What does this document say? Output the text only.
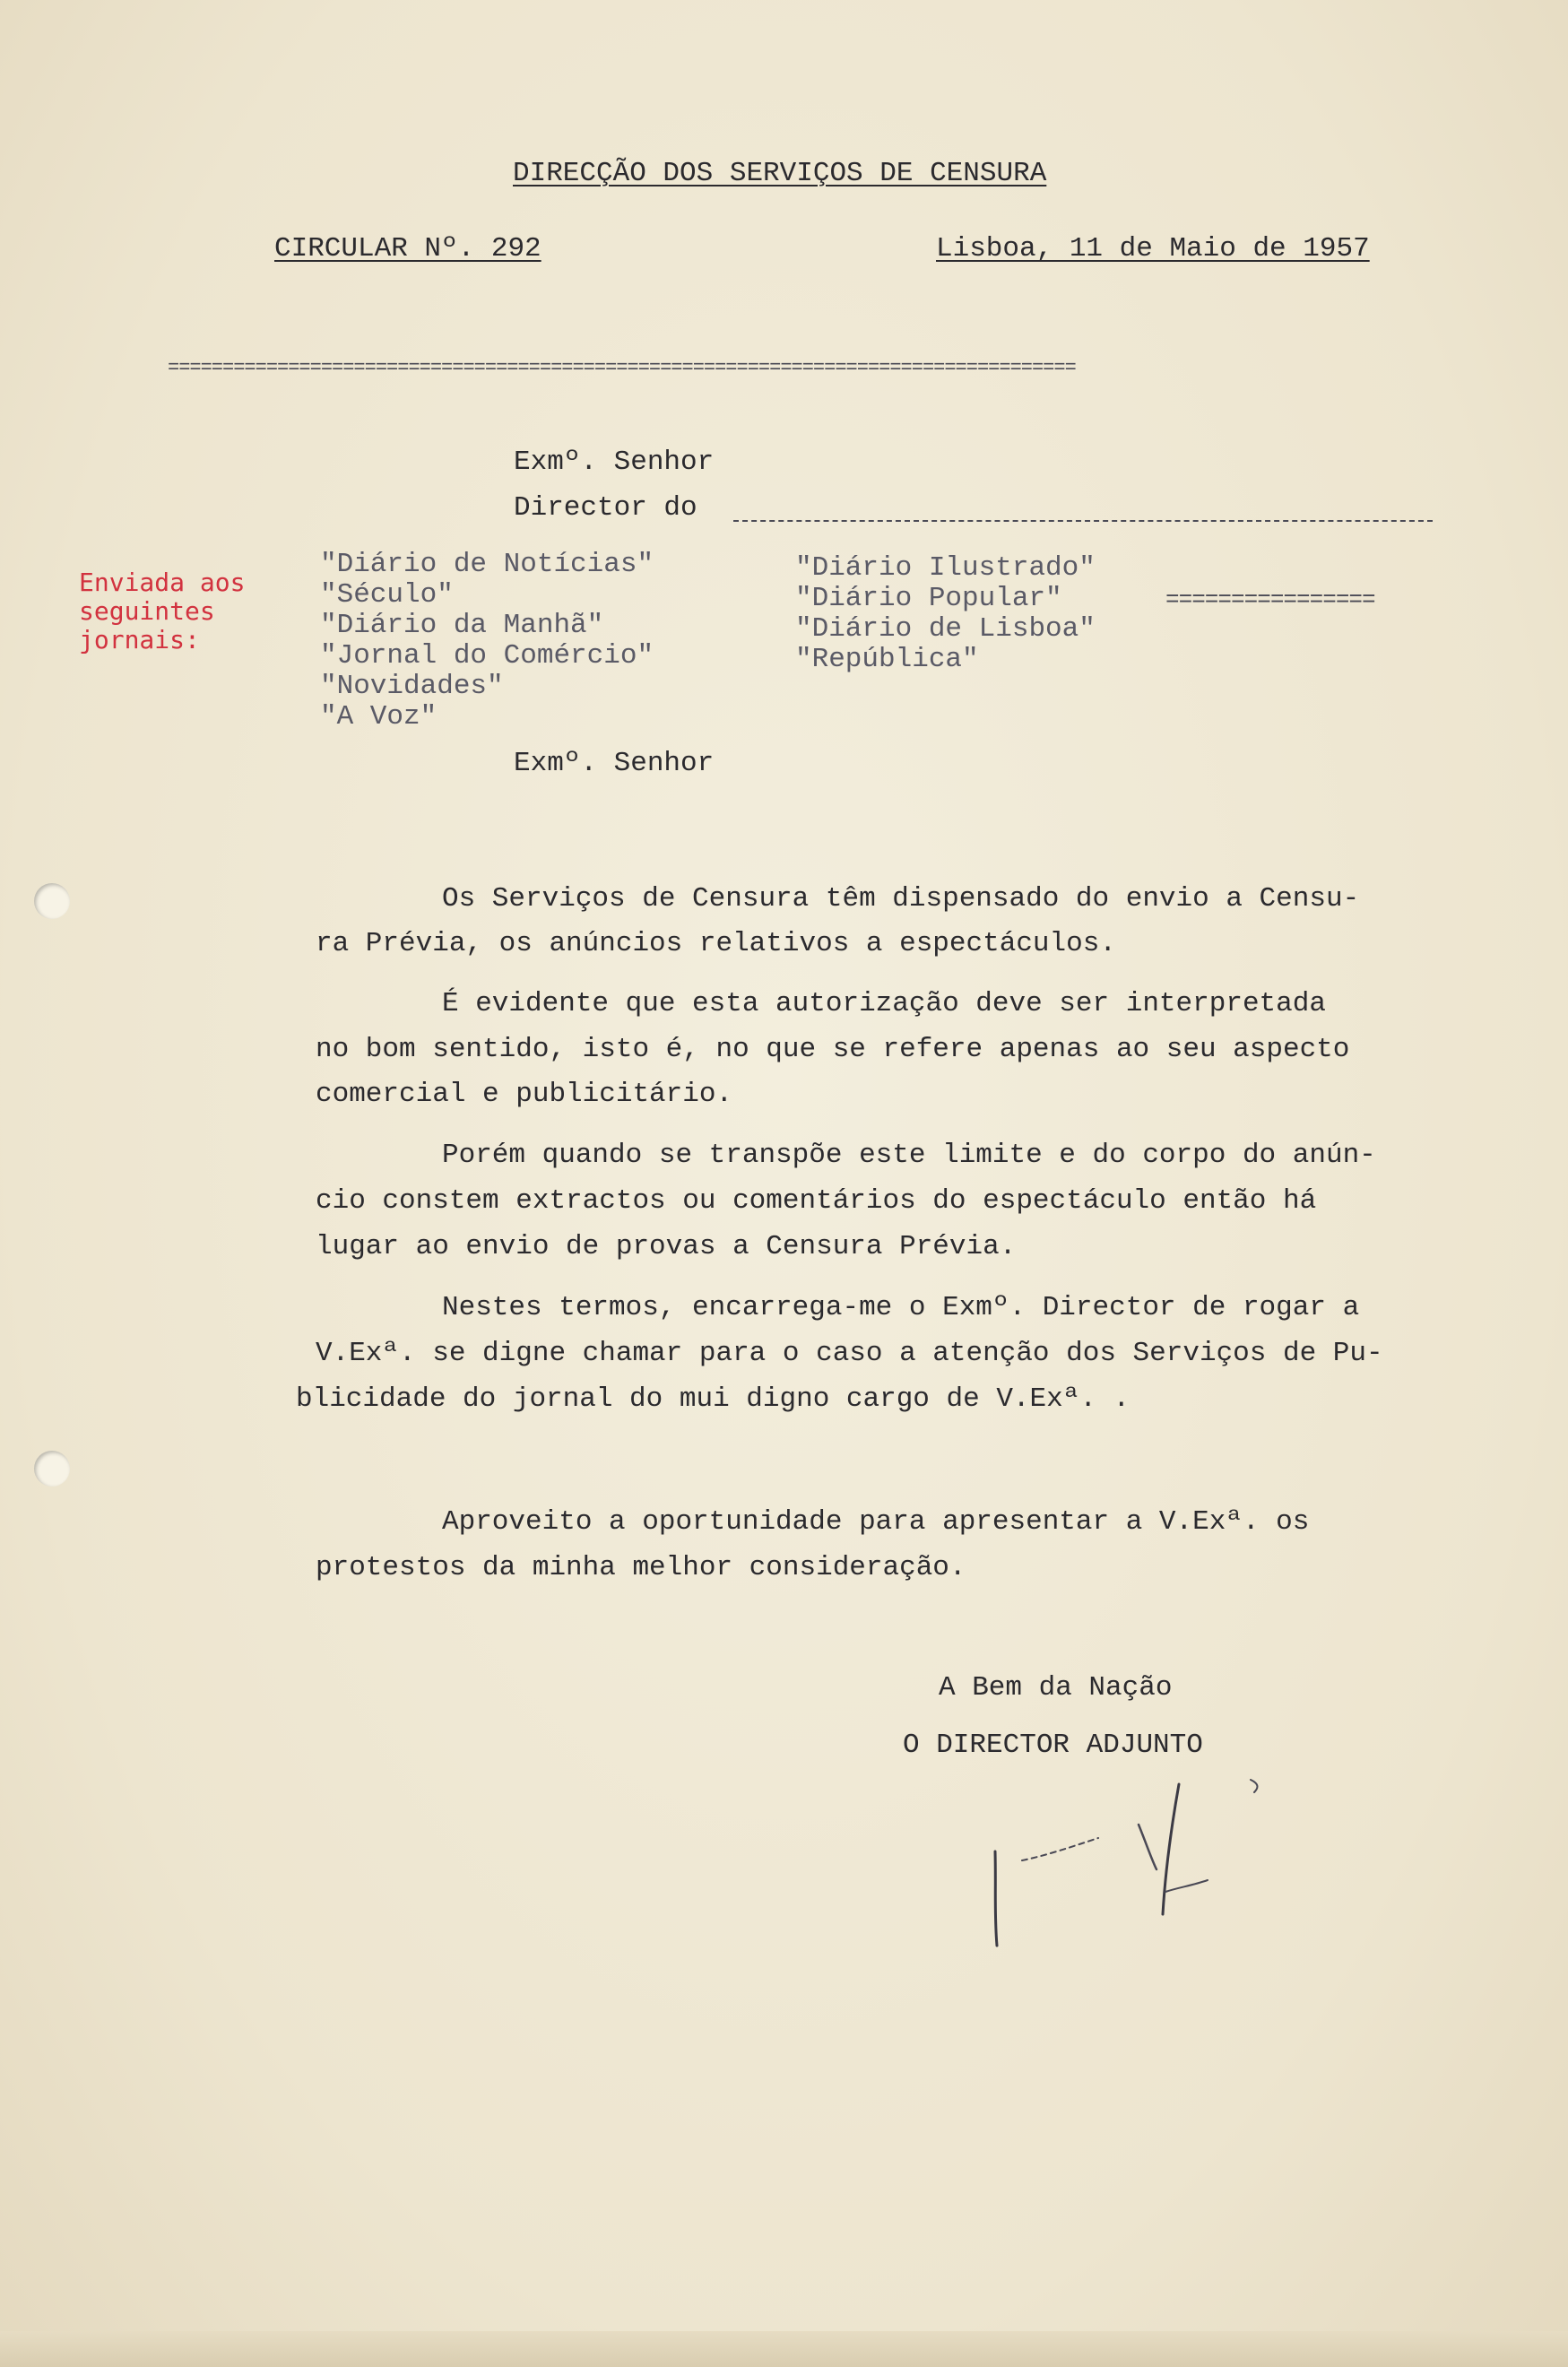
DIRECÇÃO DOS SERVIÇOS DE CENSURA
CIRCULAR Nº. 292	Lisboa, 11 de Maio de 1957
===================================================================================
Exmº. Senhor
Director do
Enviada aos
seguintes
jornais:
"Diário de Notícias"
"Século"
"Diário da Manhã"
"Jornal do Comércio"
"Novidades"
"A Voz"
"Diário Ilustrado"
"Diário Popular"
"Diário de Lisboa"
"República"
================
Exmº. Senhor
Os Serviços de Censura têm dispensado do envio a Censu-
ra Prévia, os anúncios relativos a espectáculos.
É evidente que esta autorização deve ser interpretada
no bom sentido, isto é, no que se refere apenas ao seu aspecto
comercial e publicitário.
Porém quando se transpõe este limite e do corpo do anún-
cio constem extractos ou comentários do espectáculo então há
lugar ao envio de provas a Censura Prévia.
Nestes termos, encarrega-me o Exmº. Director de rogar a
V.Exª. se digne chamar para o caso a atenção dos Serviços de Pu-
blicidade do jornal do mui digno cargo de V.Exª. .
Aproveito a oportunidade para apresentar a V.Exª. os
protestos da minha melhor consideração.
A Bem da Nação
O DIRECTOR ADJUNTO
